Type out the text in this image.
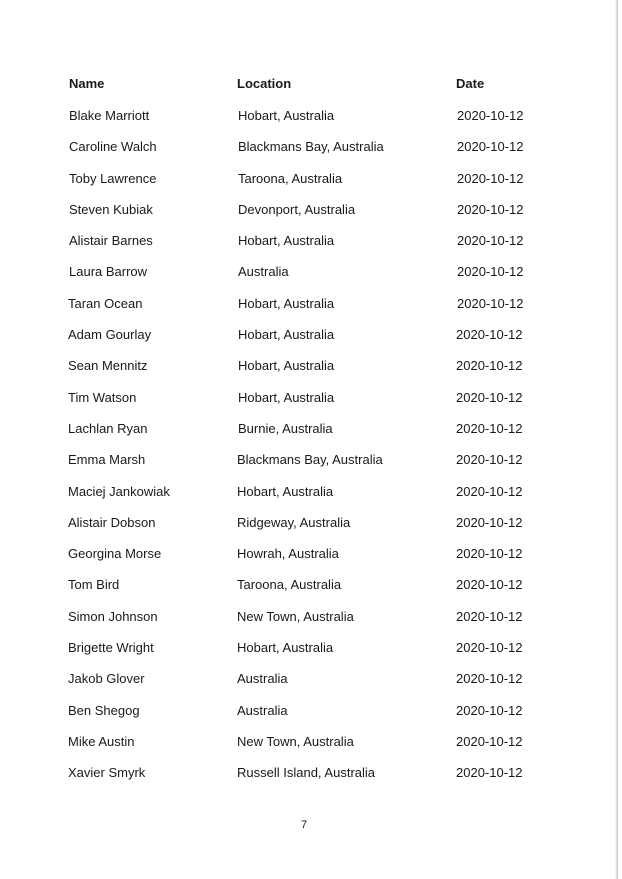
Name	Location	Date
Blake Marriott	Hobart, Australia	2020-10-12
Caroline Walch	Blackmans Bay, Australia	2020-10-12
Toby Lawrence	Taroona, Australia	2020-10-12
Steven Kubiak	Devonport, Australia	2020-10-12
Alistair Barnes	Hobart, Australia	2020-10-12
Laura Barrow	Australia	2020-10-12
Taran Ocean	Hobart, Australia	2020-10-12
Adam Gourlay	Hobart, Australia	2020-10-12
Sean Mennitz	Hobart, Australia	2020-10-12
Tim Watson	Hobart, Australia	2020-10-12
Lachlan Ryan	Burnie, Australia	2020-10-12
Emma Marsh	Blackmans Bay, Australia	2020-10-12
Maciej Jankowiak	Hobart, Australia	2020-10-12
Alistair Dobson	Ridgeway, Australia	2020-10-12
Georgina Morse	Howrah, Australia	2020-10-12
Tom Bird	Taroona, Australia	2020-10-12
Simon Johnson	New Town, Australia	2020-10-12
Brigette Wright	Hobart, Australia	2020-10-12
Jakob Glover	Australia	2020-10-12
Ben Shegog	Australia	2020-10-12
Mike Austin	New Town, Australia	2020-10-12
Xavier Smyrk	Russell Island, Australia	2020-10-12
7
